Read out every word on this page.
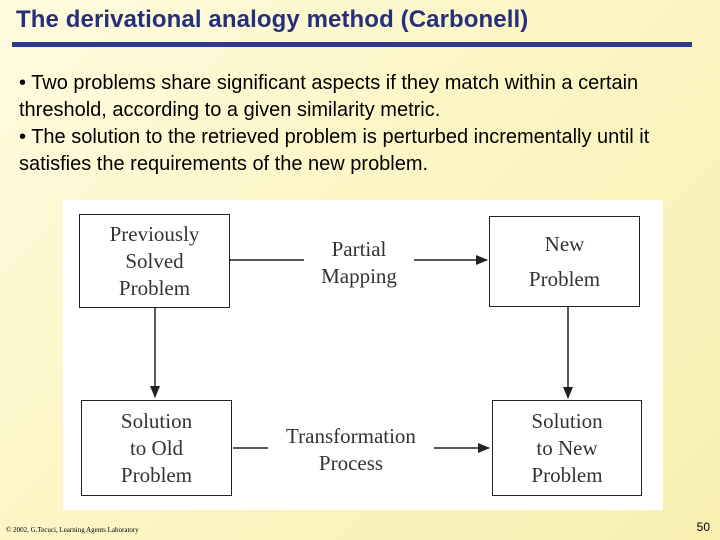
The derivational analogy method (Carbonell)

• Two problems share significant aspects if they match within a certain threshold, according to a given similarity metric.

• The solution to the retrieved problem is perturbed incrementally until it satisfies the requirements of the new problem.

Partial
Mapping
Transformation
Process
Previously
Solved
Problem
New
Problem
Solution
to Old
Problem
Solution
to New
Problem
© 2002, G.Tecuci, Learning Agents Laboratory	50
